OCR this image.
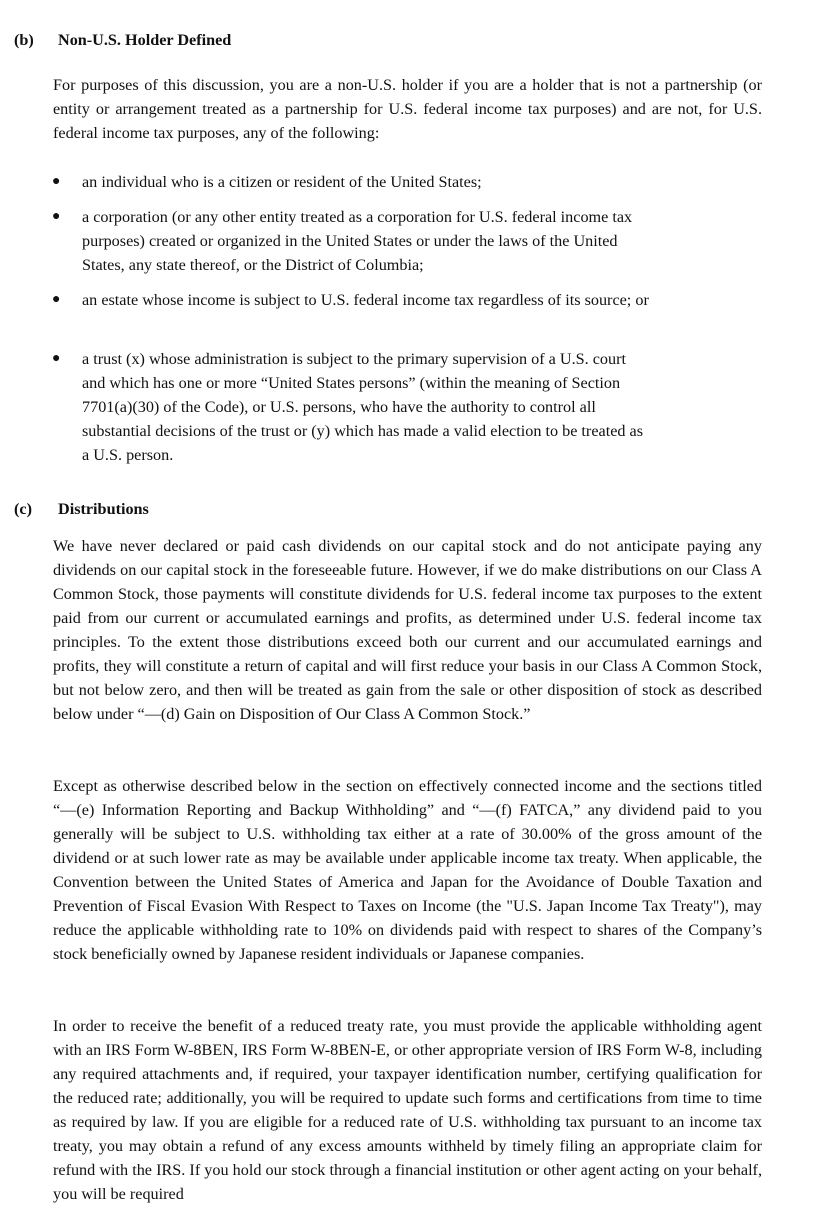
(b) Non-U.S. Holder Defined

For purposes of this discussion, you are a non-U.S. holder if you are a holder that is not a partnership (or entity or arrangement treated as a partnership for U.S. federal income tax purposes) and are not, for U.S. federal income tax purposes, any of the following:

● an individual who is a citizen or resident of the United States;
● a corporation (or any other entity treated as a corporation for U.S. federal income tax purposes) created or organized in the United States or under the laws of the United States, any state thereof, or the District of Columbia;
● an estate whose income is subject to U.S. federal income tax regardless of its source; or
● a trust (x) whose administration is subject to the primary supervision of a U.S. court and which has one or more “United States persons” (within the meaning of Section 7701(a)(30) of the Code), or U.S. persons, who have the authority to control all substantial decisions of the trust or (y) which has made a valid election to be treated as a U.S. person.
(c) Distributions

We have never declared or paid cash dividends on our capital stock and do not anticipate paying any dividends on our capital stock in the foreseeable future. However, if we do make distributions on our Class A Common Stock, those payments will constitute dividends for U.S. federal income tax purposes to the extent paid from our current or accumulated earnings and profits, as determined under U.S. federal income tax principles. To the extent those distributions exceed both our current and our accumulated earnings and profits, they will constitute a return of capital and will first reduce your basis in our Class A Common Stock, but not below zero, and then will be treated as gain from the sale or other disposition of stock as described below under “—(d) Gain on Disposition of Our Class A Common Stock.”

Except as otherwise described below in the section on effectively connected income and the sections titled “—(e) Information Reporting and Backup Withholding” and “—(f) FATCA,” any dividend paid to you generally will be subject to U.S. withholding tax either at a rate of 30.00% of the gross amount of the dividend or at such lower rate as may be available under applicable income tax treaty. When applicable, the Convention between the United States of America and Japan for the Avoidance of Double Taxation and Prevention of Fiscal Evasion With Respect to Taxes on Income (the "U.S. Japan Income Tax Treaty"), may reduce the applicable withholding rate to 10% on dividends paid with respect to shares of the Company’s stock beneficially owned by Japanese resident individuals or Japanese companies.

In order to receive the benefit of a reduced treaty rate, you must provide the applicable withholding agent with an IRS Form W-8BEN, IRS Form W-8BEN-E, or other appropriate version of IRS Form W-8, including any required attachments and, if required, your taxpayer identification number, certifying qualification for the reduced rate; additionally, you will be required to update such forms and certifications from time to time as required by law. If you are eligible for a reduced rate of U.S. withholding tax pursuant to an income tax treaty, you may obtain a refund of any excess amounts withheld by timely filing an appropriate claim for refund with the IRS. If you hold our stock through a financial institution or other agent acting on your behalf, you will be required
